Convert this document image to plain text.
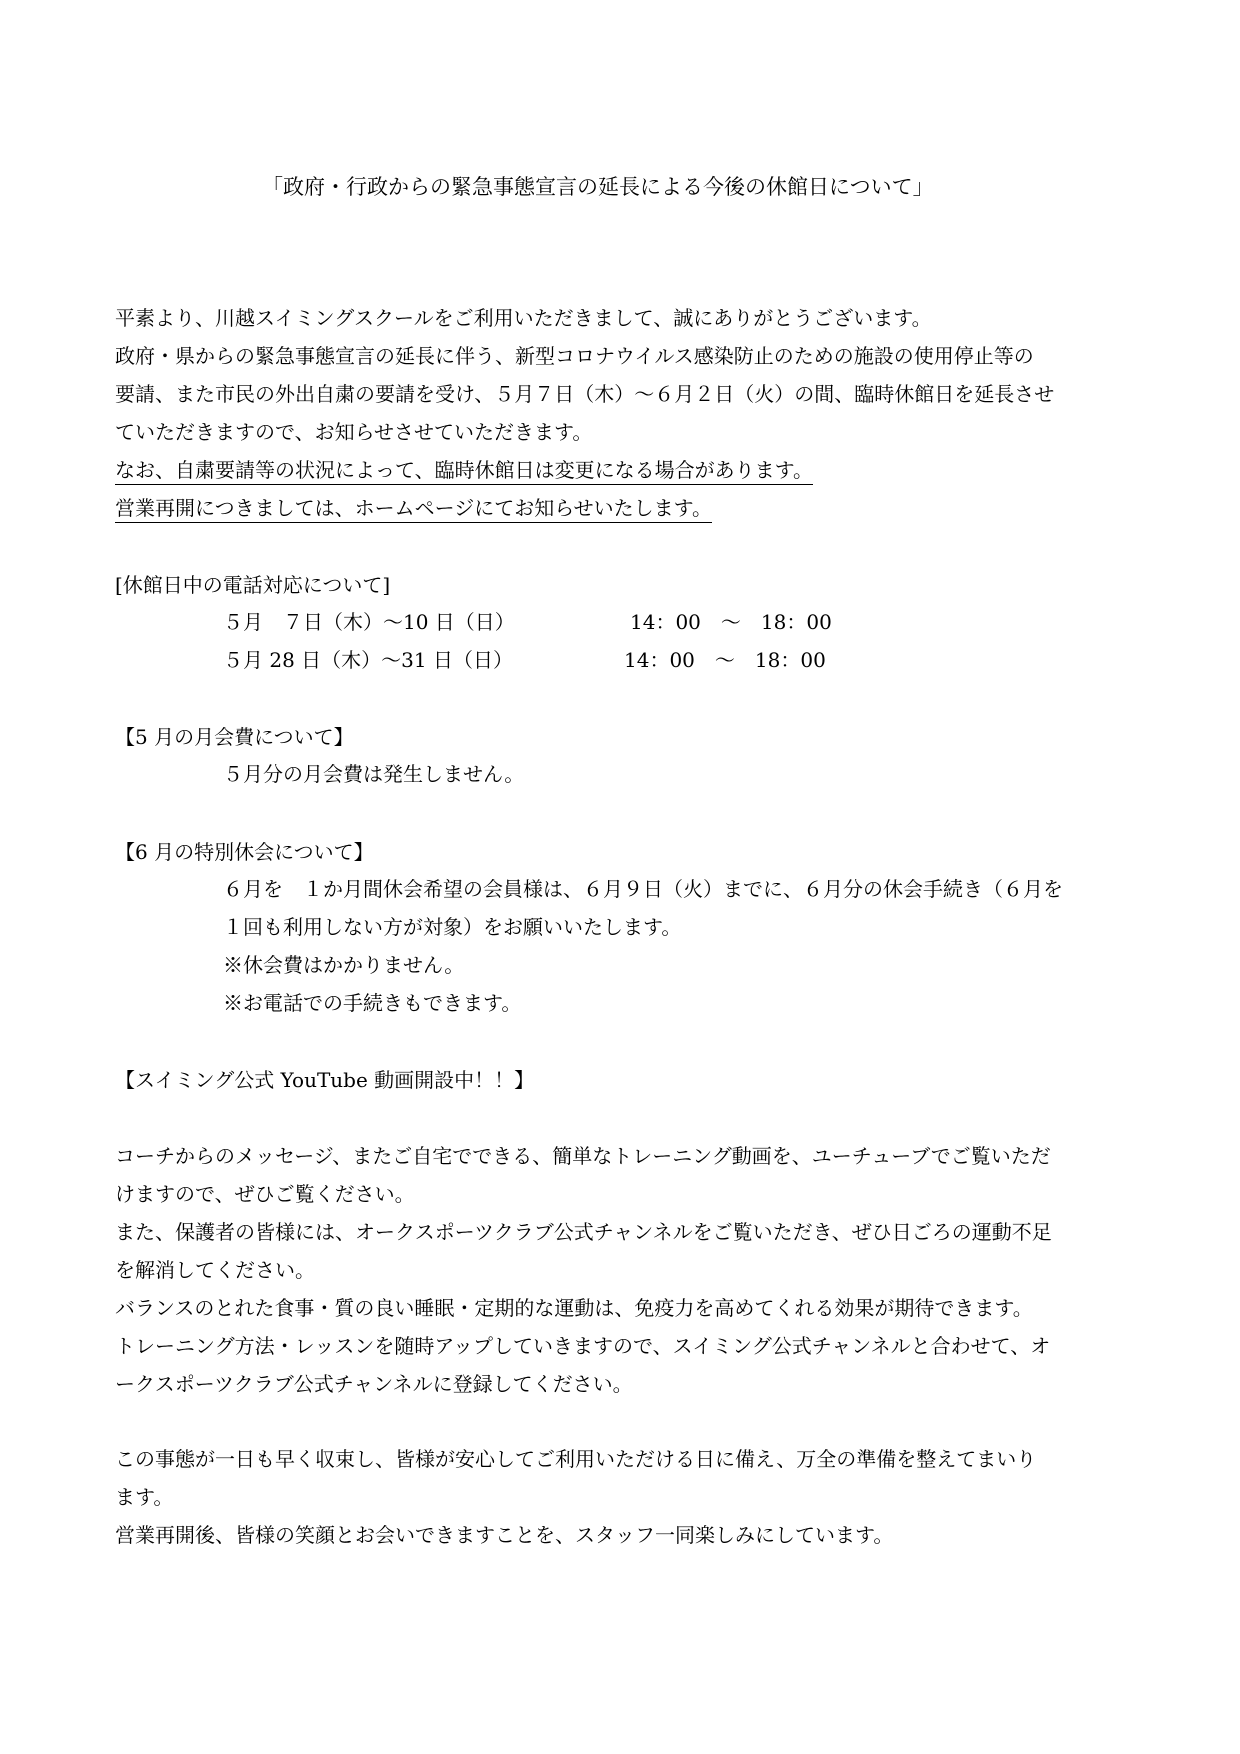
「政府・行政からの緊急事態宣言の延長による今後の休館日について」
平素より、川越スイミングスクールをご利用いただきまして、誠にありがとうございます。
政府・県からの緊急事態宣言の延長に伴う、新型コロナウイルス感染防止のための施設の使用停止等の
要請、また市民の外出自粛の要請を受け、５月７日（木）〜６月２日（火）の間、臨時休館日を延長させ
ていただきますので、お知らせさせていただきます。
なお、自粛要請等の状況によって、臨時休館日は変更になる場合があります。
営業再開につきましては、ホームページにてお知らせいたします。
[休館日中の電話対応について]
５月　７日（木）〜10 日（日）	14：00　～　18：00
５月 28 日（木）〜31 日（日）	14：00　～　18：00
【5 月の月会費について】
５月分の月会費は発生しません。
【6 月の特別休会について】
６月を　１か月間休会希望の会員様は、６月９日（火）までに、６月分の休会手続き（６月を
１回も利用しない方が対象）をお願いいたします。
※休会費はかかりません。
※お電話での手続きもできます。
【スイミング公式 YouTube 動画開設中！！】
コーチからのメッセージ、またご自宅でできる、簡単なトレーニング動画を、ユーチューブでご覧いただ
けますので、ぜひご覧ください。
また、保護者の皆様には、オークスポーツクラブ公式チャンネルをご覧いただき、ぜひ日ごろの運動不足
を解消してください。
バランスのとれた食事・質の良い睡眠・定期的な運動は、免疫力を高めてくれる効果が期待できます。
トレーニング方法・レッスンを随時アップしていきますので、スイミング公式チャンネルと合わせて、オ
ークスポーツクラブ公式チャンネルに登録してください。
この事態が一日も早く収束し、皆様が安心してご利用いただける日に備え、万全の準備を整えてまいり
ます。
営業再開後、皆様の笑顔とお会いできますことを、スタッフ一同楽しみにしています。
